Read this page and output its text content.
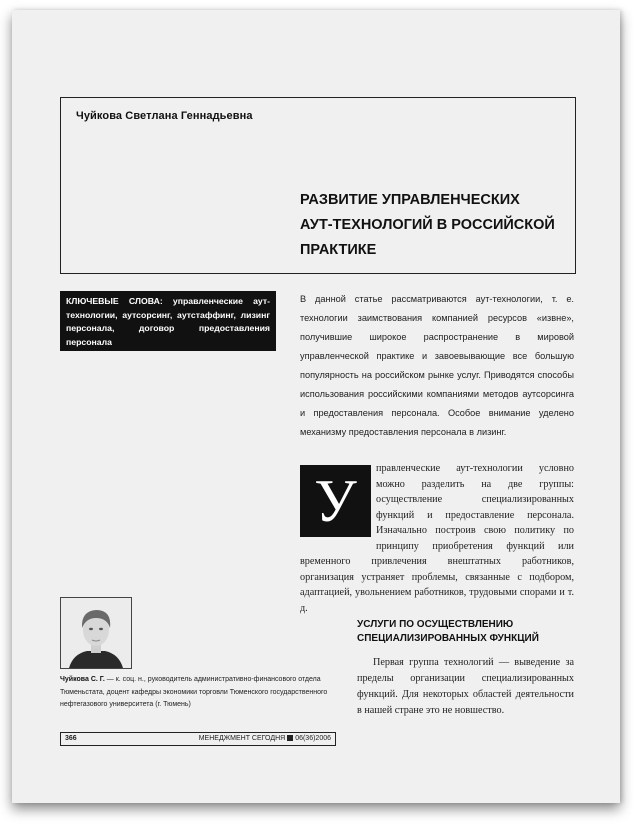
Чуйкова Светлана Геннадьевна
РАЗВИТИЕ УПРАВЛЕНЧЕСКИХ
АУТ-ТЕХНОЛОГИЙ В РОССИЙСКОЙ
ПРАКТИКЕ
КЛЮЧЕВЫЕ СЛОВА: управленческие аут-технологии, аутсорсинг, аутстаффинг, лизинг персонала, договор предоставления персонала
В данной статье рассматриваются аут-технологии, т. е. технологии заимствования компанией ресурсов «извне», получившие широкое распространение в мировой управленческой практике и завоевывающие все большую популярность на российском рынке услуг. Приводятся способы использования российскими компаниями методов аутсорсинга и предоставления персонала. Особое внимание уделено механизму предоставления персонала в лизинг.
правленческие аут-технологии условно можно разделить на две группы: осуществление специализированных функций и предоставление персонала. Изначально построив свою политику по принципу приобретения функций или временного привлечения внештатных работников, организация устраняет проблемы, связанные с подбором, адаптацией, увольнением работников, трудовыми спорами и т. д.
У
УСЛУГИ ПО ОСУЩЕСТВЛЕНИЮ СПЕЦИАЛИЗИРОВАННЫХ ФУНКЦИЙ
Первая группа технологий — выведение за пределы организации специализированных функций. Для некоторых областей деятельности в нашей стране это не новшество.
Чуйкова С. Г. — к. соц. н., руководитель административно-финансового отдела Тюменьстата, доцент кафедры экономики торговли Тюменского государственного нефтегазового университета (г. Тюмень)
366	МЕНЕДЖМЕНТ СЕГОДНЯ 06(36)2006
